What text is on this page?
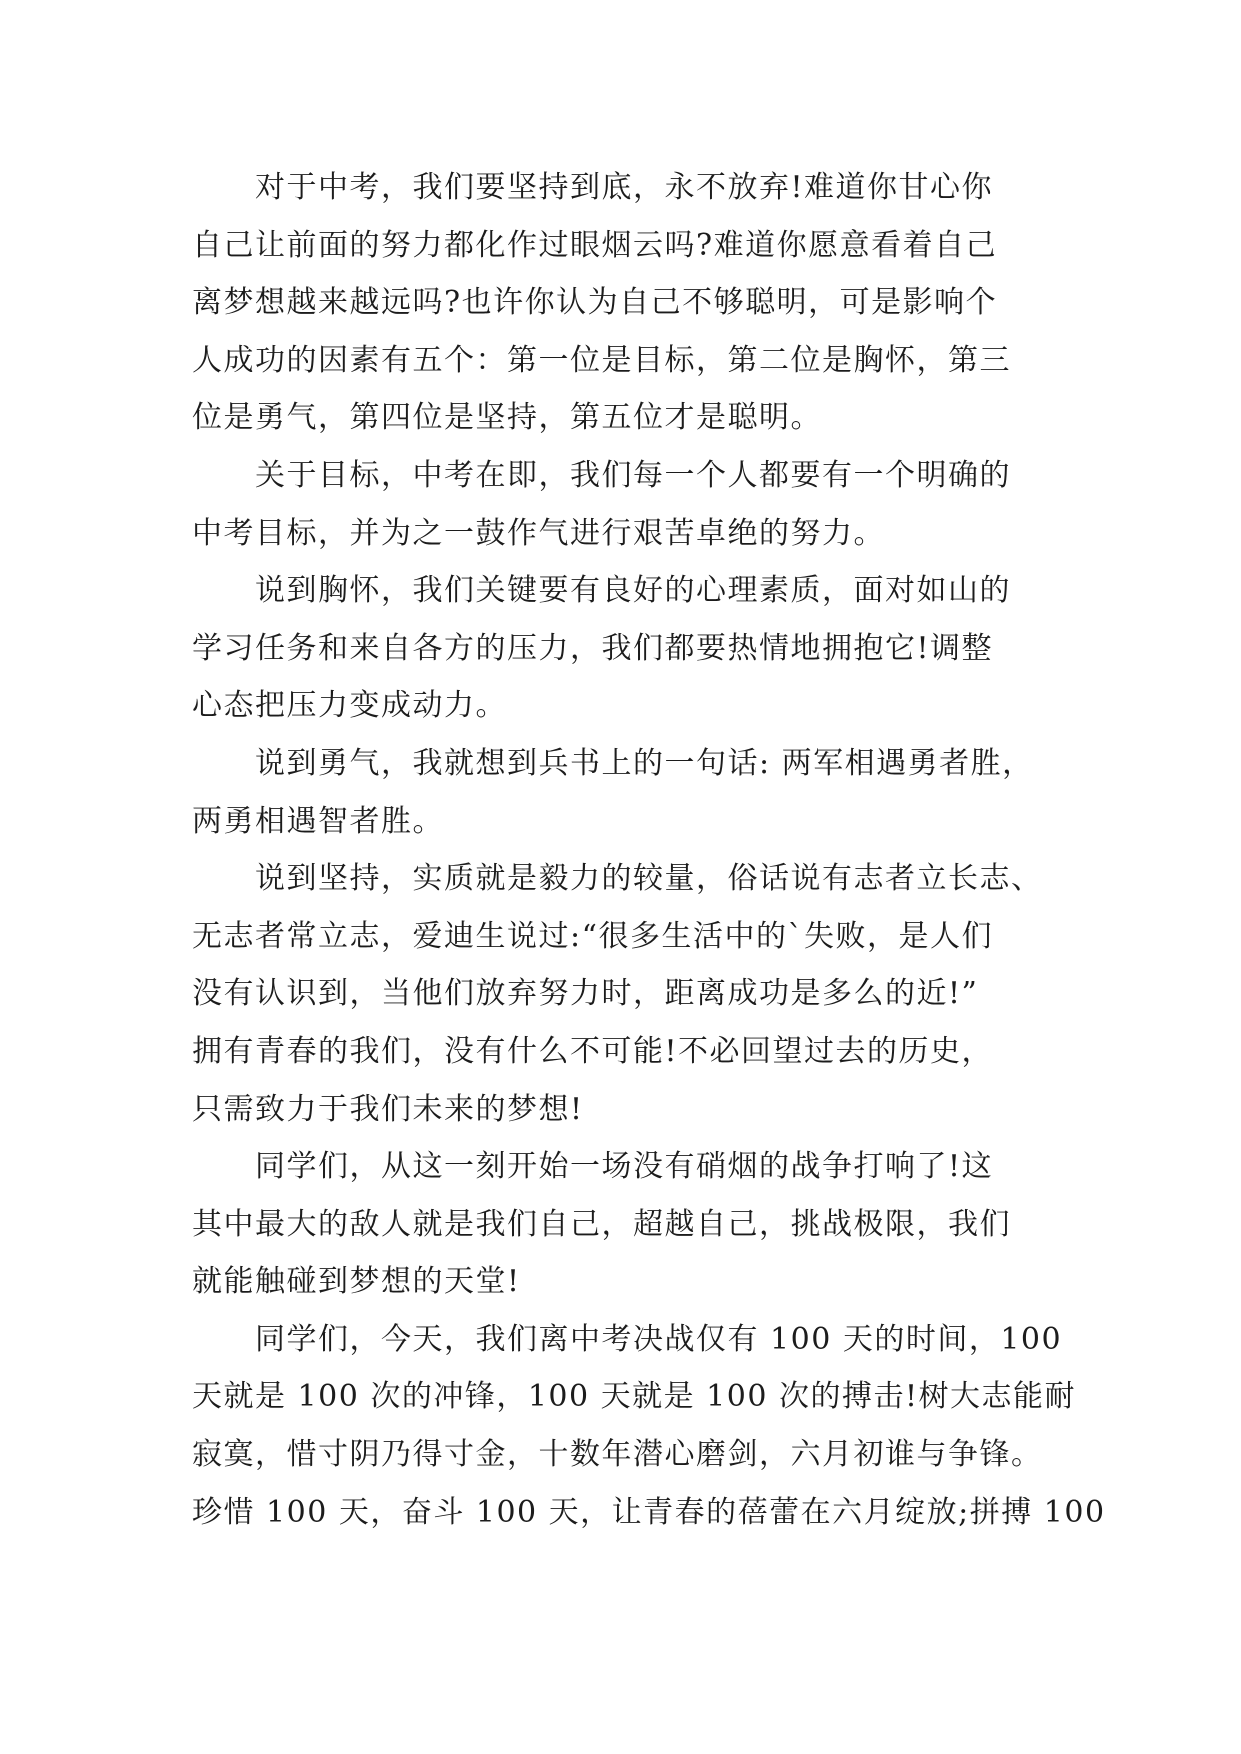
对于中考，我们要坚持到底，永不放弃!难道你甘心你
自己让前面的努力都化作过眼烟云吗?难道你愿意看着自己
离梦想越来越远吗?也许你认为自己不够聪明，可是影响个
人成功的因素有五个：第一位是目标，第二位是胸怀，第三
位是勇气，第四位是坚持，第五位才是聪明。
关于目标，中考在即，我们每一个人都要有一个明确的
中考目标，并为之一鼓作气进行艰苦卓绝的努力。
说到胸怀，我们关键要有良好的心理素质，面对如山的
学习任务和来自各方的压力，我们都要热情地拥抱它!调整
心态把压力变成动力。
说到勇气，我就想到兵书上的一句话: 两军相遇勇者胜，
两勇相遇智者胜。
说到坚持，实质就是毅力的较量，俗话说有志者立长志、
无志者常立志，爱迪生说过:“很多生活中的`失败，是人们
没有认识到，当他们放弃努力时，距离成功是多么的近!”
拥有青春的我们，没有什么不可能!不必回望过去的历史，
只需致力于我们未来的梦想!
同学们，从这一刻开始一场没有硝烟的战争打响了!这
其中最大的敌人就是我们自己，超越自己，挑战极限，我们
就能触碰到梦想的天堂!
同学们，今天，我们离中考决战仅有 100 天的时间，100
天就是 100 次的冲锋，100 天就是 100 次的搏击!树大志能耐
寂寞，惜寸阴乃得寸金，十数年潜心磨剑，六月初谁与争锋。
珍惜 100 天，奋斗 100 天，让青春的蓓蕾在六月绽放;拼搏 100
